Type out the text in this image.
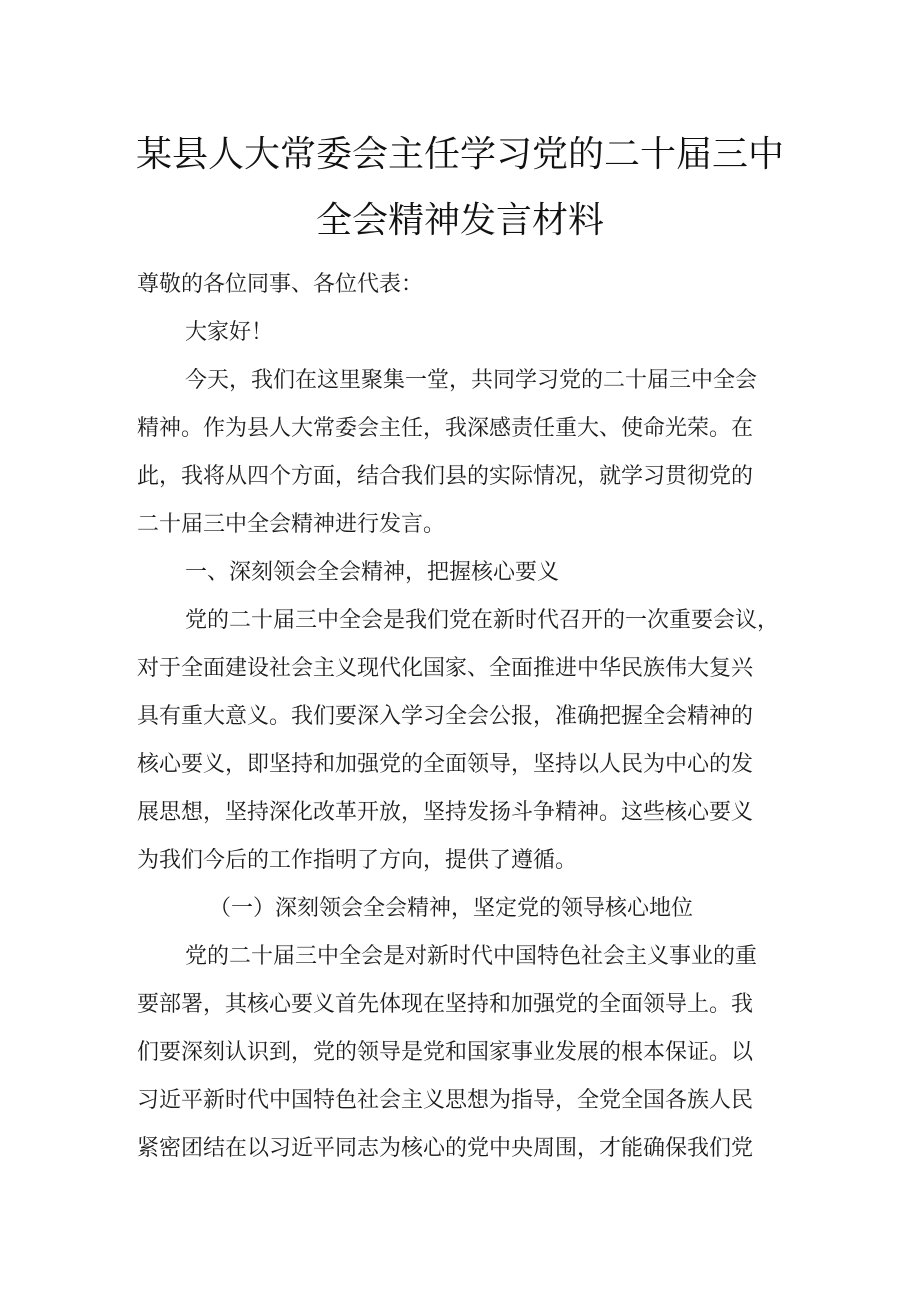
某县人大常委会主任学习党的二十届三中
全会精神发言材料
尊敬的各位同事、各位代表：
大家好！
今天，我们在这里聚集一堂，共同学习党的二十届三中全会
精神。作为县人大常委会主任，我深感责任重大、使命光荣。在
此，我将从四个方面，结合我们县的实际情况，就学习贯彻党的
二十届三中全会精神进行发言。
一、深刻领会全会精神，把握核心要义
党的二十届三中全会是我们党在新时代召开的一次重要会议，
对于全面建设社会主义现代化国家、全面推进中华民族伟大复兴
具有重大意义。我们要深入学习全会公报，准确把握全会精神的
核心要义，即坚持和加强党的全面领导，坚持以人民为中心的发
展思想，坚持深化改革开放，坚持发扬斗争精神。这些核心要义
为我们今后的工作指明了方向，提供了遵循。
（一）深刻领会全会精神，坚定党的领导核心地位
党的二十届三中全会是对新时代中国特色社会主义事业的重
要部署，其核心要义首先体现在坚持和加强党的全面领导上。我
们要深刻认识到，党的领导是党和国家事业发展的根本保证。以
习近平新时代中国特色社会主义思想为指导，全党全国各族人民
紧密团结在以习近平同志为核心的党中央周围，才能确保我们党
